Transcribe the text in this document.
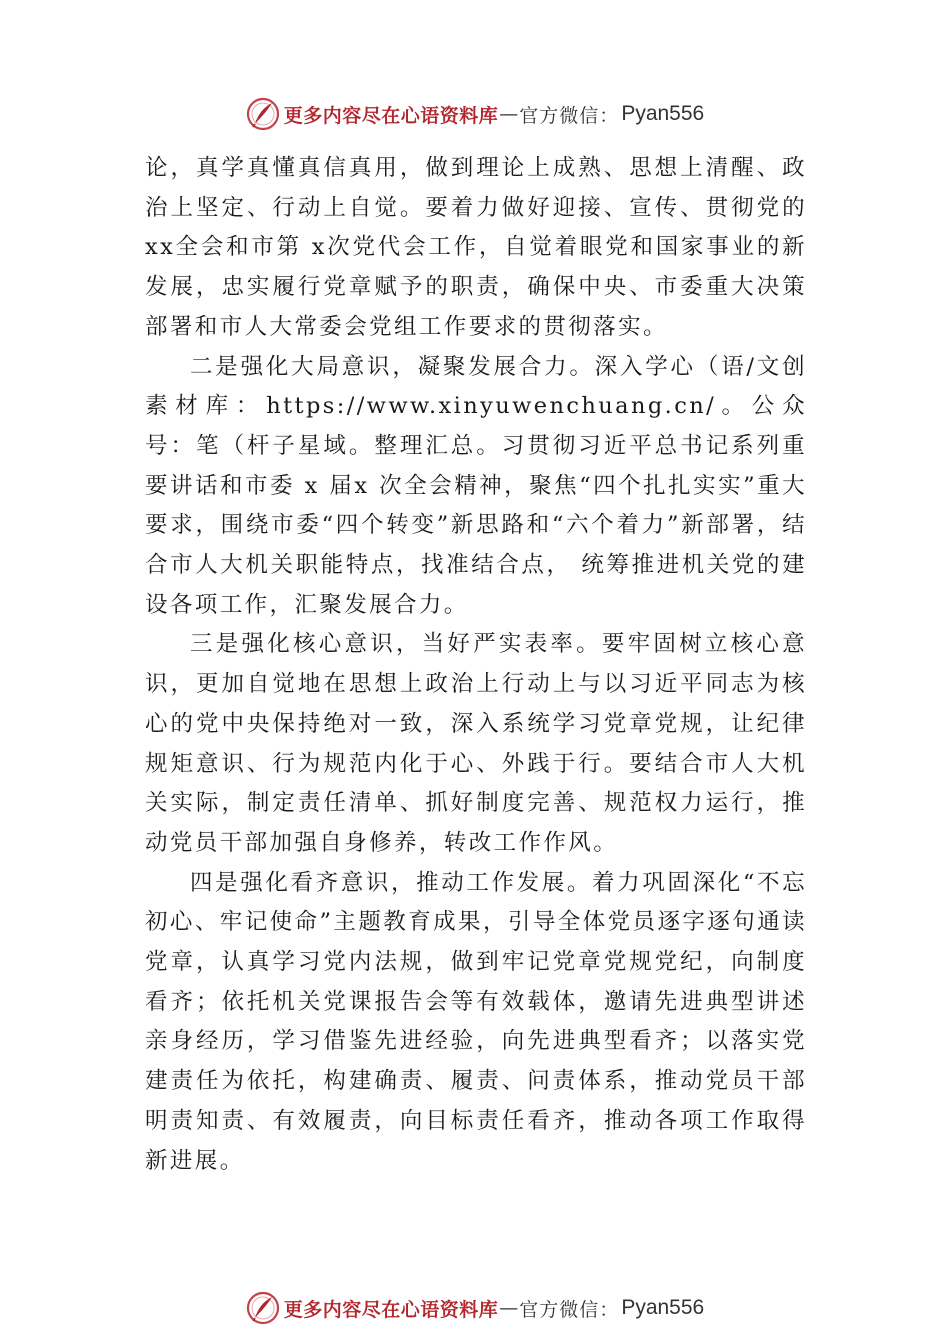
更多内容尽在心语资料库 — 官方微信： Pyan556

论，真学真懂真信真用，做到理论上成熟、思想上清醒、政治上坚定、行动上自觉。要着力做好迎接、宣传、贯彻党的xx全会和市第 x次党代会工作，自觉着眼党和国家事业的新发展，忠实履行党章赋予的职责，确保中央、市委重大决策部署和市人大常委会党组工作要求的贯彻落实。

二是强化大局意识，凝聚发展合力。深入学心（语/文创素材库：https://www.xinyuwenchuang.cn/。公众号：笔（杆子星域。整理汇总。习贯彻习近平总书记系列重要讲话和市委 x 届x 次全会精神，聚焦“四个扎扎实实”重大要求，围绕市委“四个转变”新思路和“六个着力”新部署，结合市人大机关职能特点，找准结合点， 统筹推进机关党的建设各项工作，汇聚发展合力。

三是强化核心意识，当好严实表率。要牢固树立核心意识，更加自觉地在思想上政治上行动上与以习近平同志为核心的党中央保持绝对一致，深入系统学习党章党规，让纪律规矩意识、行为规范内化于心、外践于行。要结合市人大机关实际，制定责任清单、抓好制度完善、规范权力运行，推动党员干部加强自身修养，转改工作作风。

四是强化看齐意识，推动工作发展。着力巩固深化“不忘初心、牢记使命”主题教育成果，引导全体党员逐字逐句通读党章，认真学习党内法规，做到牢记党章党规党纪，向制度看齐；依托机关党课报告会等有效载体，邀请先进典型讲述亲身经历，学习借鉴先进经验，向先进典型看齐；以落实党建责任为依托，构建确责、履责、问责体系，推动党员干部明责知责、有效履责，向目标责任看齐，推动各项工作取得新进展。

更多内容尽在心语资料库 — 官方微信： Pyan556
